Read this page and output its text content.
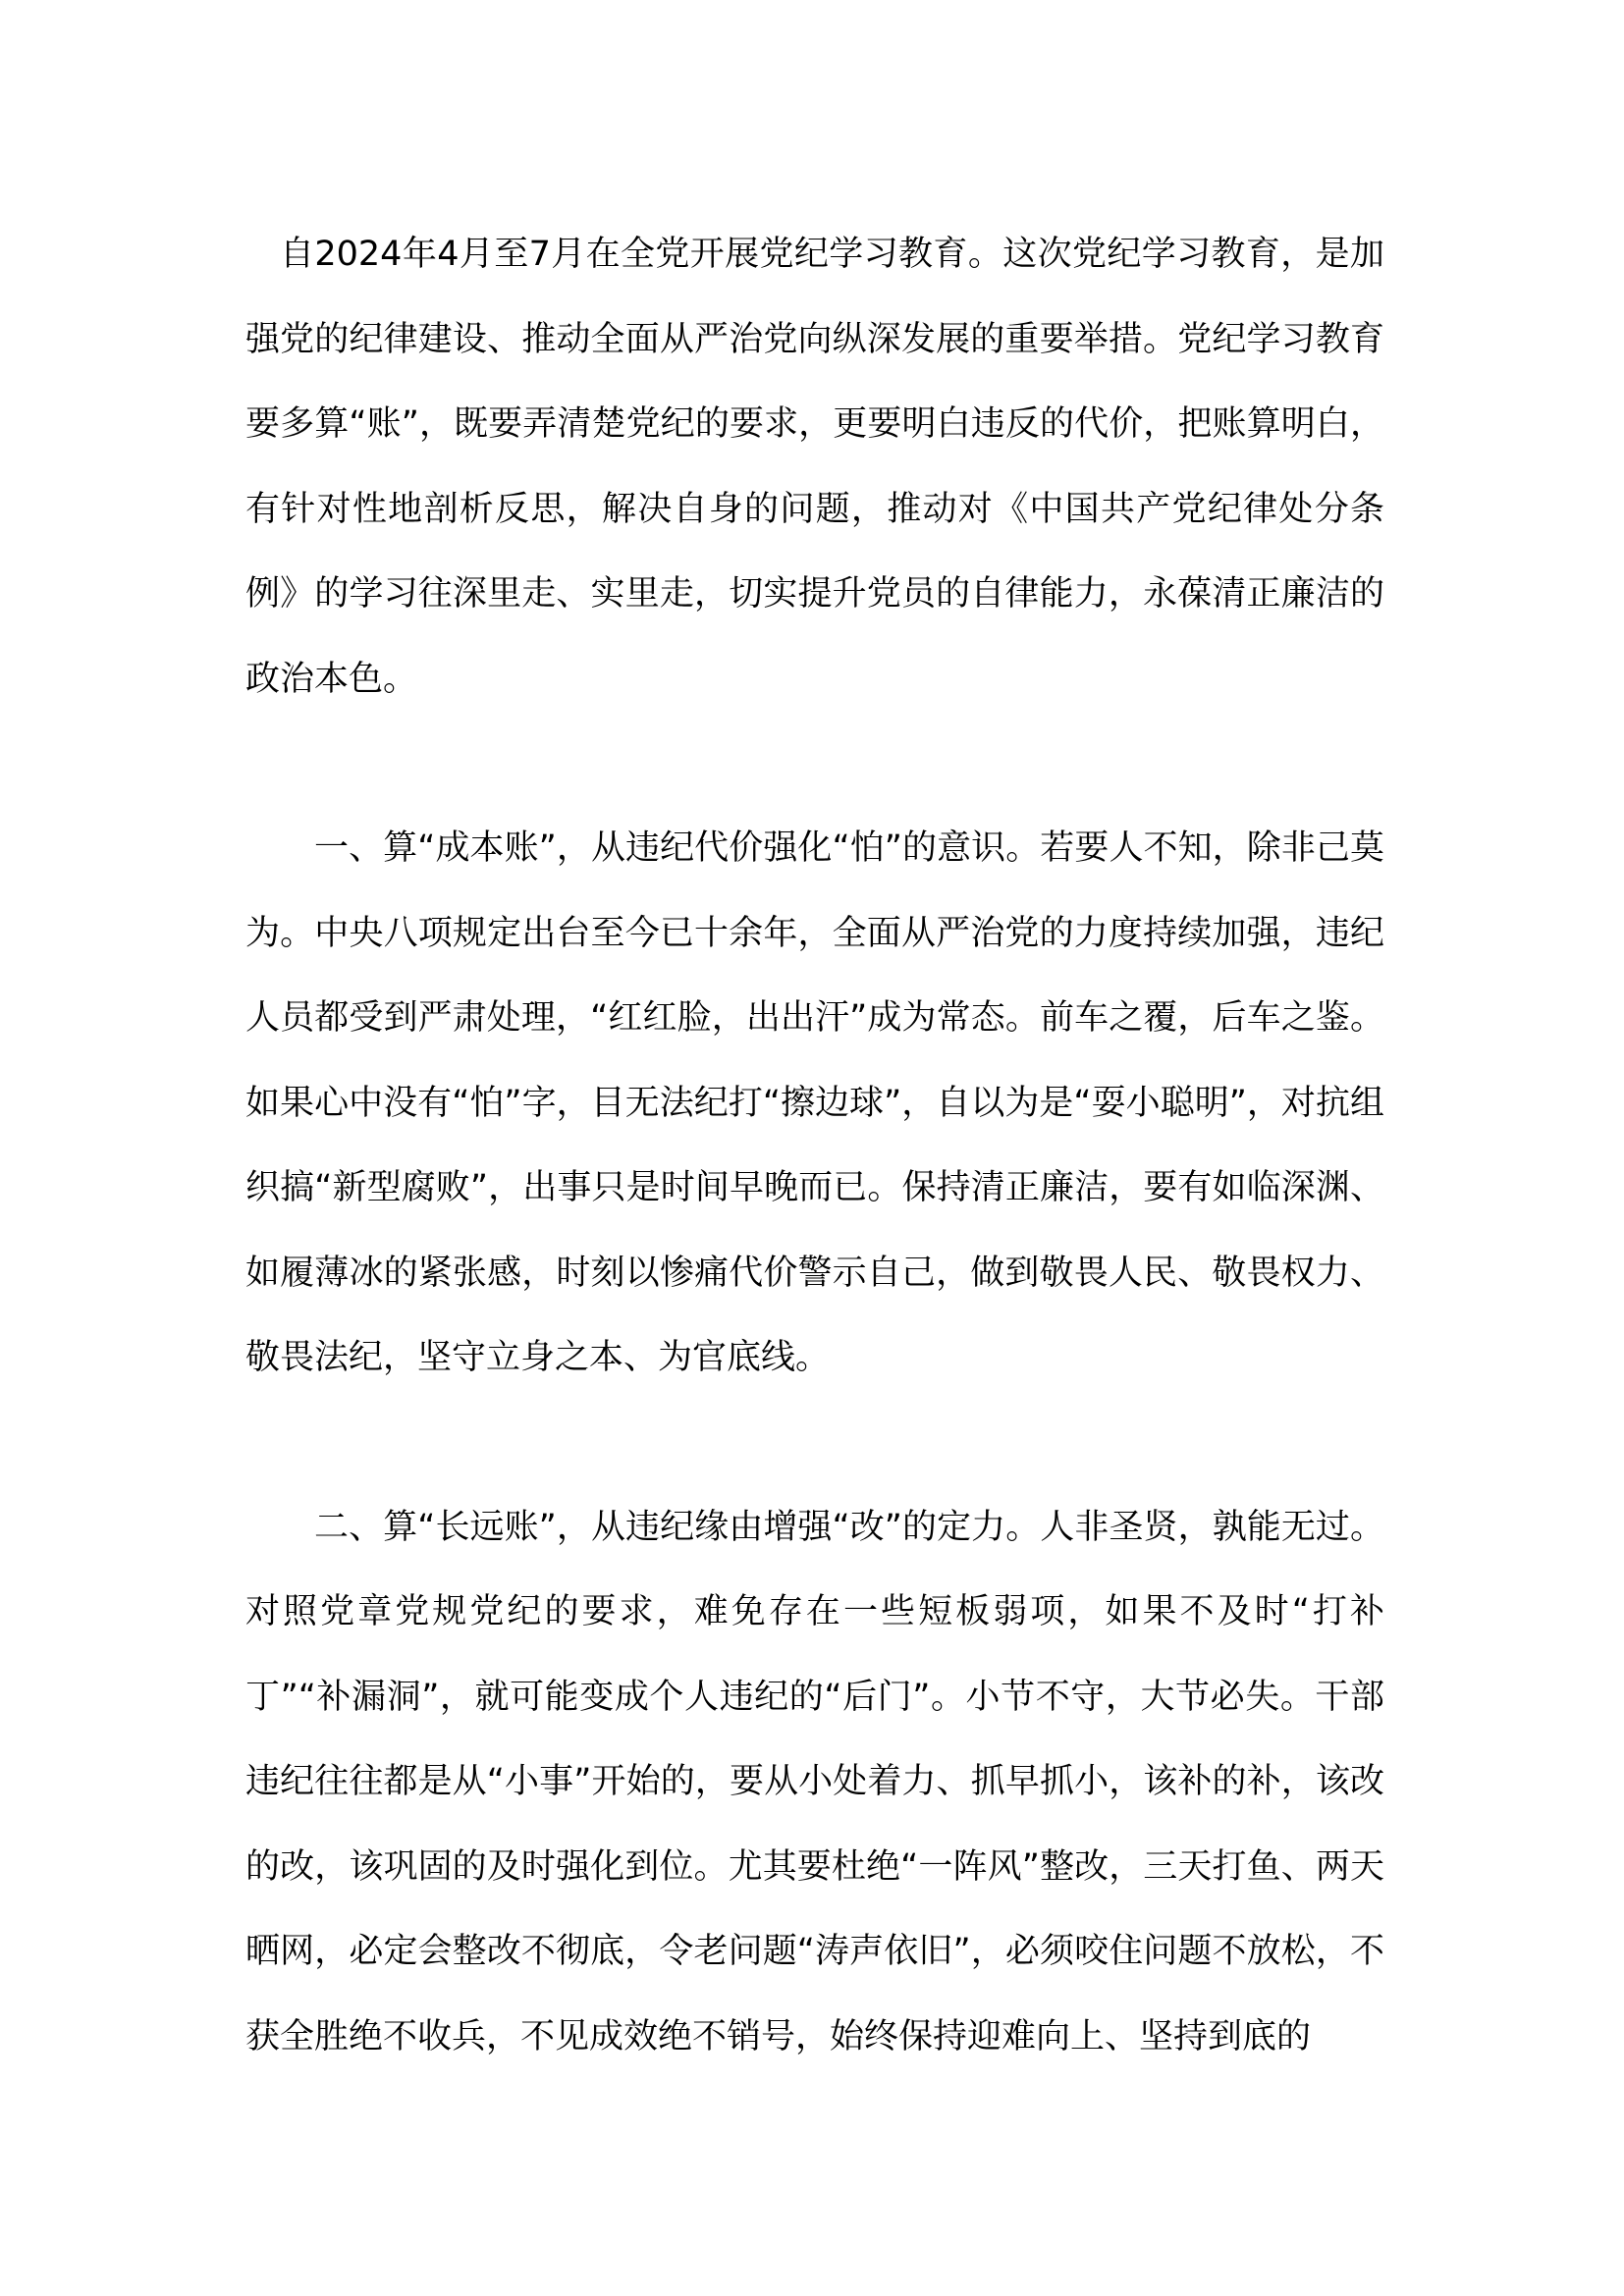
自2024年4月至7月在全党开展党纪学习教育。这次党纪学习教育，是加强党的纪律建设、推动全面从严治党向纵深发展的重要举措。党纪学习教育要多算“账”，既要弄清楚党纪的要求，更要明白违反的代价，把账算明白，有针对性地剖析反思，解决自身的问题，推动对《中国共产党纪律处分条例》的学习往深里走、实里走，切实提升党员的自律能力，永葆清正廉洁的政治本色。

一、算“成本账”，从违纪代价强化“怕”的意识。若要人不知，除非己莫为。中央八项规定出台至今已十余年，全面从严治党的力度持续加强，违纪人员都受到严肃处理，“红红脸，出出汗”成为常态。前车之覆，后车之鉴。如果心中没有“怕”字，目无法纪打“擦边球”，自以为是“耍小聪明”，对抗组织搞“新型腐败”，出事只是时间早晚而已。保持清正廉洁，要有如临深渊、如履薄冰的紧张感，时刻以惨痛代价警示自己，做到敬畏人民、敬畏权力、敬畏法纪，坚守立身之本、为官底线。

二、算“长远账”，从违纪缘由增强“改”的定力。人非圣贤，孰能无过。对照党章党规党纪的要求，难免存在一些短板弱项，如果不及时“打补丁”“补漏洞”，就可能变成个人违纪的“后门”。小节不守，大节必失。干部违纪往往都是从“小事”开始的，要从小处着力、抓早抓小，该补的补，该改的改，该巩固的及时强化到位。尤其要杜绝“一阵风”整改，三天打鱼、两天晒网，必定会整改不彻底，令老问题“涛声依旧”，必须咬住问题不放松，不获全胜绝不收兵，不见成效绝不销号，始终保持迎难向上、坚持到底的
